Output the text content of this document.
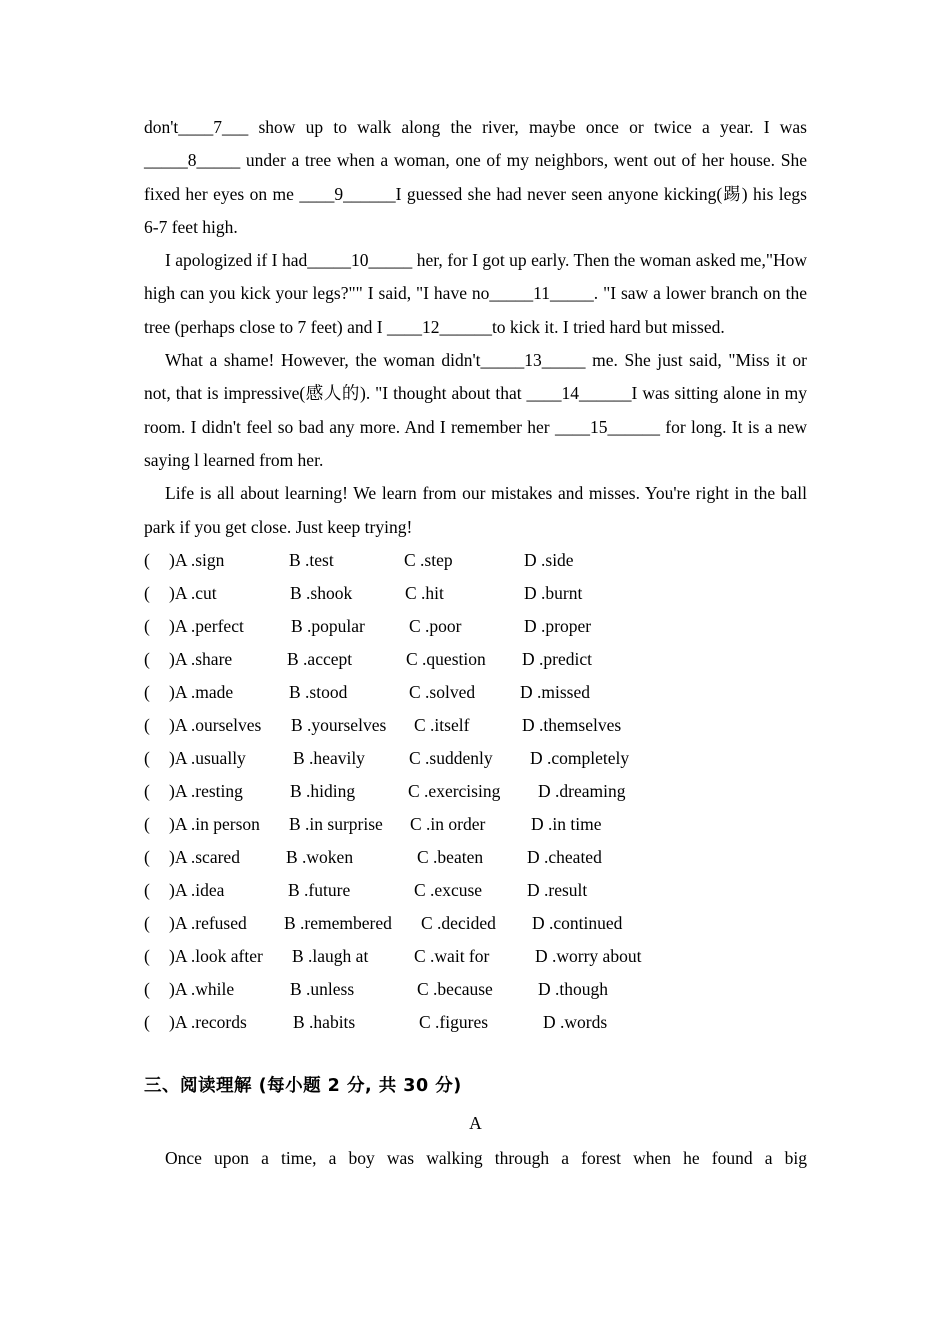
don't____7___ show up to walk along the river, maybe once or twice a year. I was _____8_____ under a tree when a woman, one of my neighbors, went out of her house. She fixed her eyes on me ____9______I guessed she had never seen anyone kicking(踢) his legs 6-7 feet high.

I apologized if I had_____10_____ her, for I got up early. Then the woman asked me,"How high can you kick your legs?"" I said, "I have no_____11_____. "I saw a lower branch on the tree (perhaps close to 7 feet) and I ____12______to kick it. I tried hard but missed.

What a shame! However, the woman didn't_____13_____ me. She just said, "Miss it or not, that is impressive(感人的). "I thought about that ____14______I was sitting alone in my room. I didn't feel so bad any more. And I remember her ____15______ for long. It is a new saying l learned from her.

Life is all about learning! We learn from our mistakes and misses. You're right in the ball park if you get close. Just keep trying!

( )A .sign	B .test	C .step	D .side
( )A .cut	B .shook	C .hit	D .burnt
( )A .perfect	B .popular	C .poor	D .proper
( )A .share	B .accept	C .question D .predict
( )A .made	B .stood	C .solved	D .missed
( )A .ourselves B .yourselves C .itself	D .themselves
( )A .usually	B .heavily	C .suddenly D .completely
( )A .resting	B .hiding	C .exercising D .dreaming
( )A .in person B .in surprise C .in order	D .in time
( )A .scared	B .woken	C .beaten	D .cheated
( )A .idea	B .future	C .excuse	D .result
( )A .refused B .remembered C .decided D .continued
( )A .look after B .laugh at	C .wait for	D .worry about
( )A .while	B .unless	C .because	D .though
( )A .records	B .habits	C .figures	D .words
三、阅读理解 (每小题 2 分, 共 30 分)
A

Once upon a time, a boy was walking through a forest when he found a big
